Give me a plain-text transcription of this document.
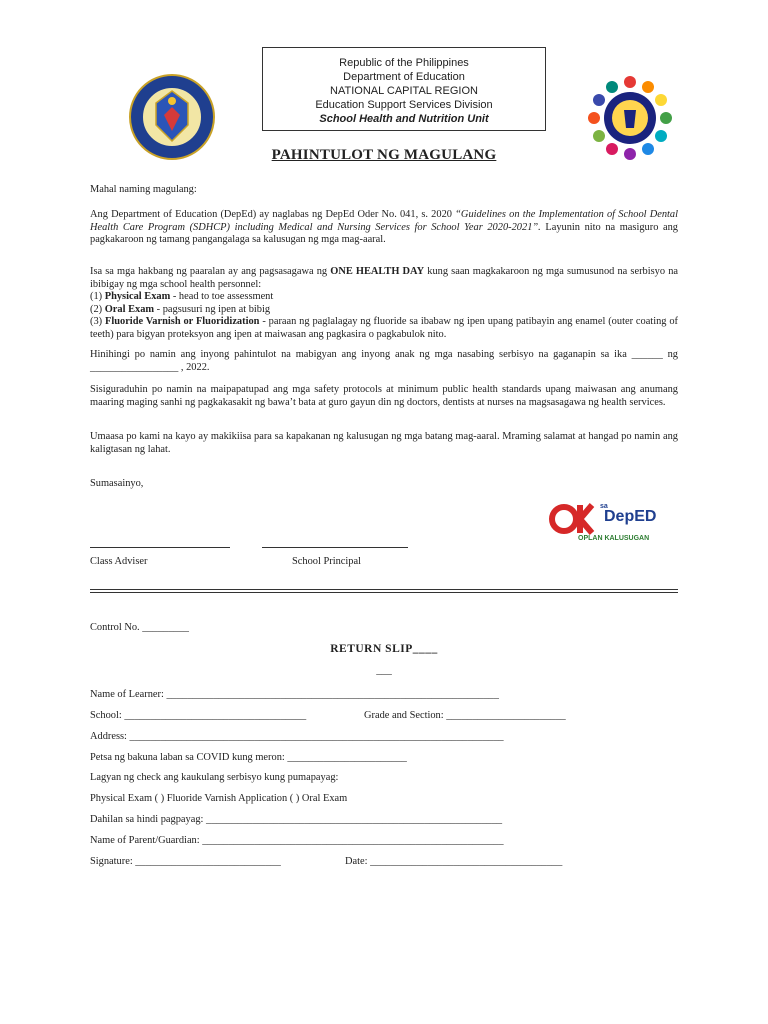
Republic of the Philippines
Department of Education
NATIONAL CAPITAL REGION
Education Support Services Division
School Health and Nutrition Unit
PAHINTULOT NG MAGULANG
Mahal naming magulang:
Ang Department of Education (DepEd) ay naglabas ng DepEd Oder No. 041, s. 2020 “Guidelines on the Implementation of School Dental Health Care Program (SDHCP) including Medical and Nursing Services for School Year 2020-2021”. Layunin nito na masiguro ang pagkakaroon ng tamang pangangalaga sa kalusugan ng mga mag-aaral.
Isa sa mga hakbang ng paaralan ay ang pagsasagawa ng ONE HEALTH DAY kung saan magkakaroon ng mga sumusunod na serbisyo na ibibigay ng mga school health personnel:
(1) Physical Exam - head to toe assessment
(2) Oral Exam - pagsusuri ng ipen at bibig
(3) Fluoride Varnish or Fluoridization - paraan ng paglalagay ng fluoride sa ibabaw ng ipen upang patibayin ang enamel (outer coating of teeth) para bigyan proteksyon ang ipen at maiwasan ang pagkasira o pagkabulok nito.
Hinihingi po namin ang inyong pahintulot na mabigyan ang inyong anak ng mga nasabing serbisyo na gaganapin sa ika ______ ng _________________ , 2022.
Sisiguraduhin po namin na maipapatupad ang mga safety protocols at minimum public health standards upang maiwasan ang anumang maaring maging sanhi ng pagkakasakit ng bawa’t bata at guro gayun din ng doctors, dentists at nurses na magsasagawa ng health services.
Umaasa po kami na kayo ay makikiisa para sa kapakanan ng kalusugan ng mga batang mag-aaral. Mraming salamat at hangad po namin ang kaligtasan ng lahat.
Sumasainyo,
sa
DepED
OPLAN KALUSUGAN
Class Adviser	School Principal
Control No. _________
RETURN SLIP____
___
Name of Learner: ________________________________________________________________
School: ___________________________________	Grade and Section: _______________________
Address: ________________________________________________________________________
Petsa ng bakuna laban sa COVID kung meron: _______________________
Lagyan ng check ang kaukulang serbisyo kung pumapayag:
Physical Exam ( ) Fluoride Varnish Application ( ) Oral Exam
Dahilan sa hindi pagpayag: _________________________________________________________
Name of Parent/Guardian: __________________________________________________________
Signature: ____________________________	Date: _____________________________________
